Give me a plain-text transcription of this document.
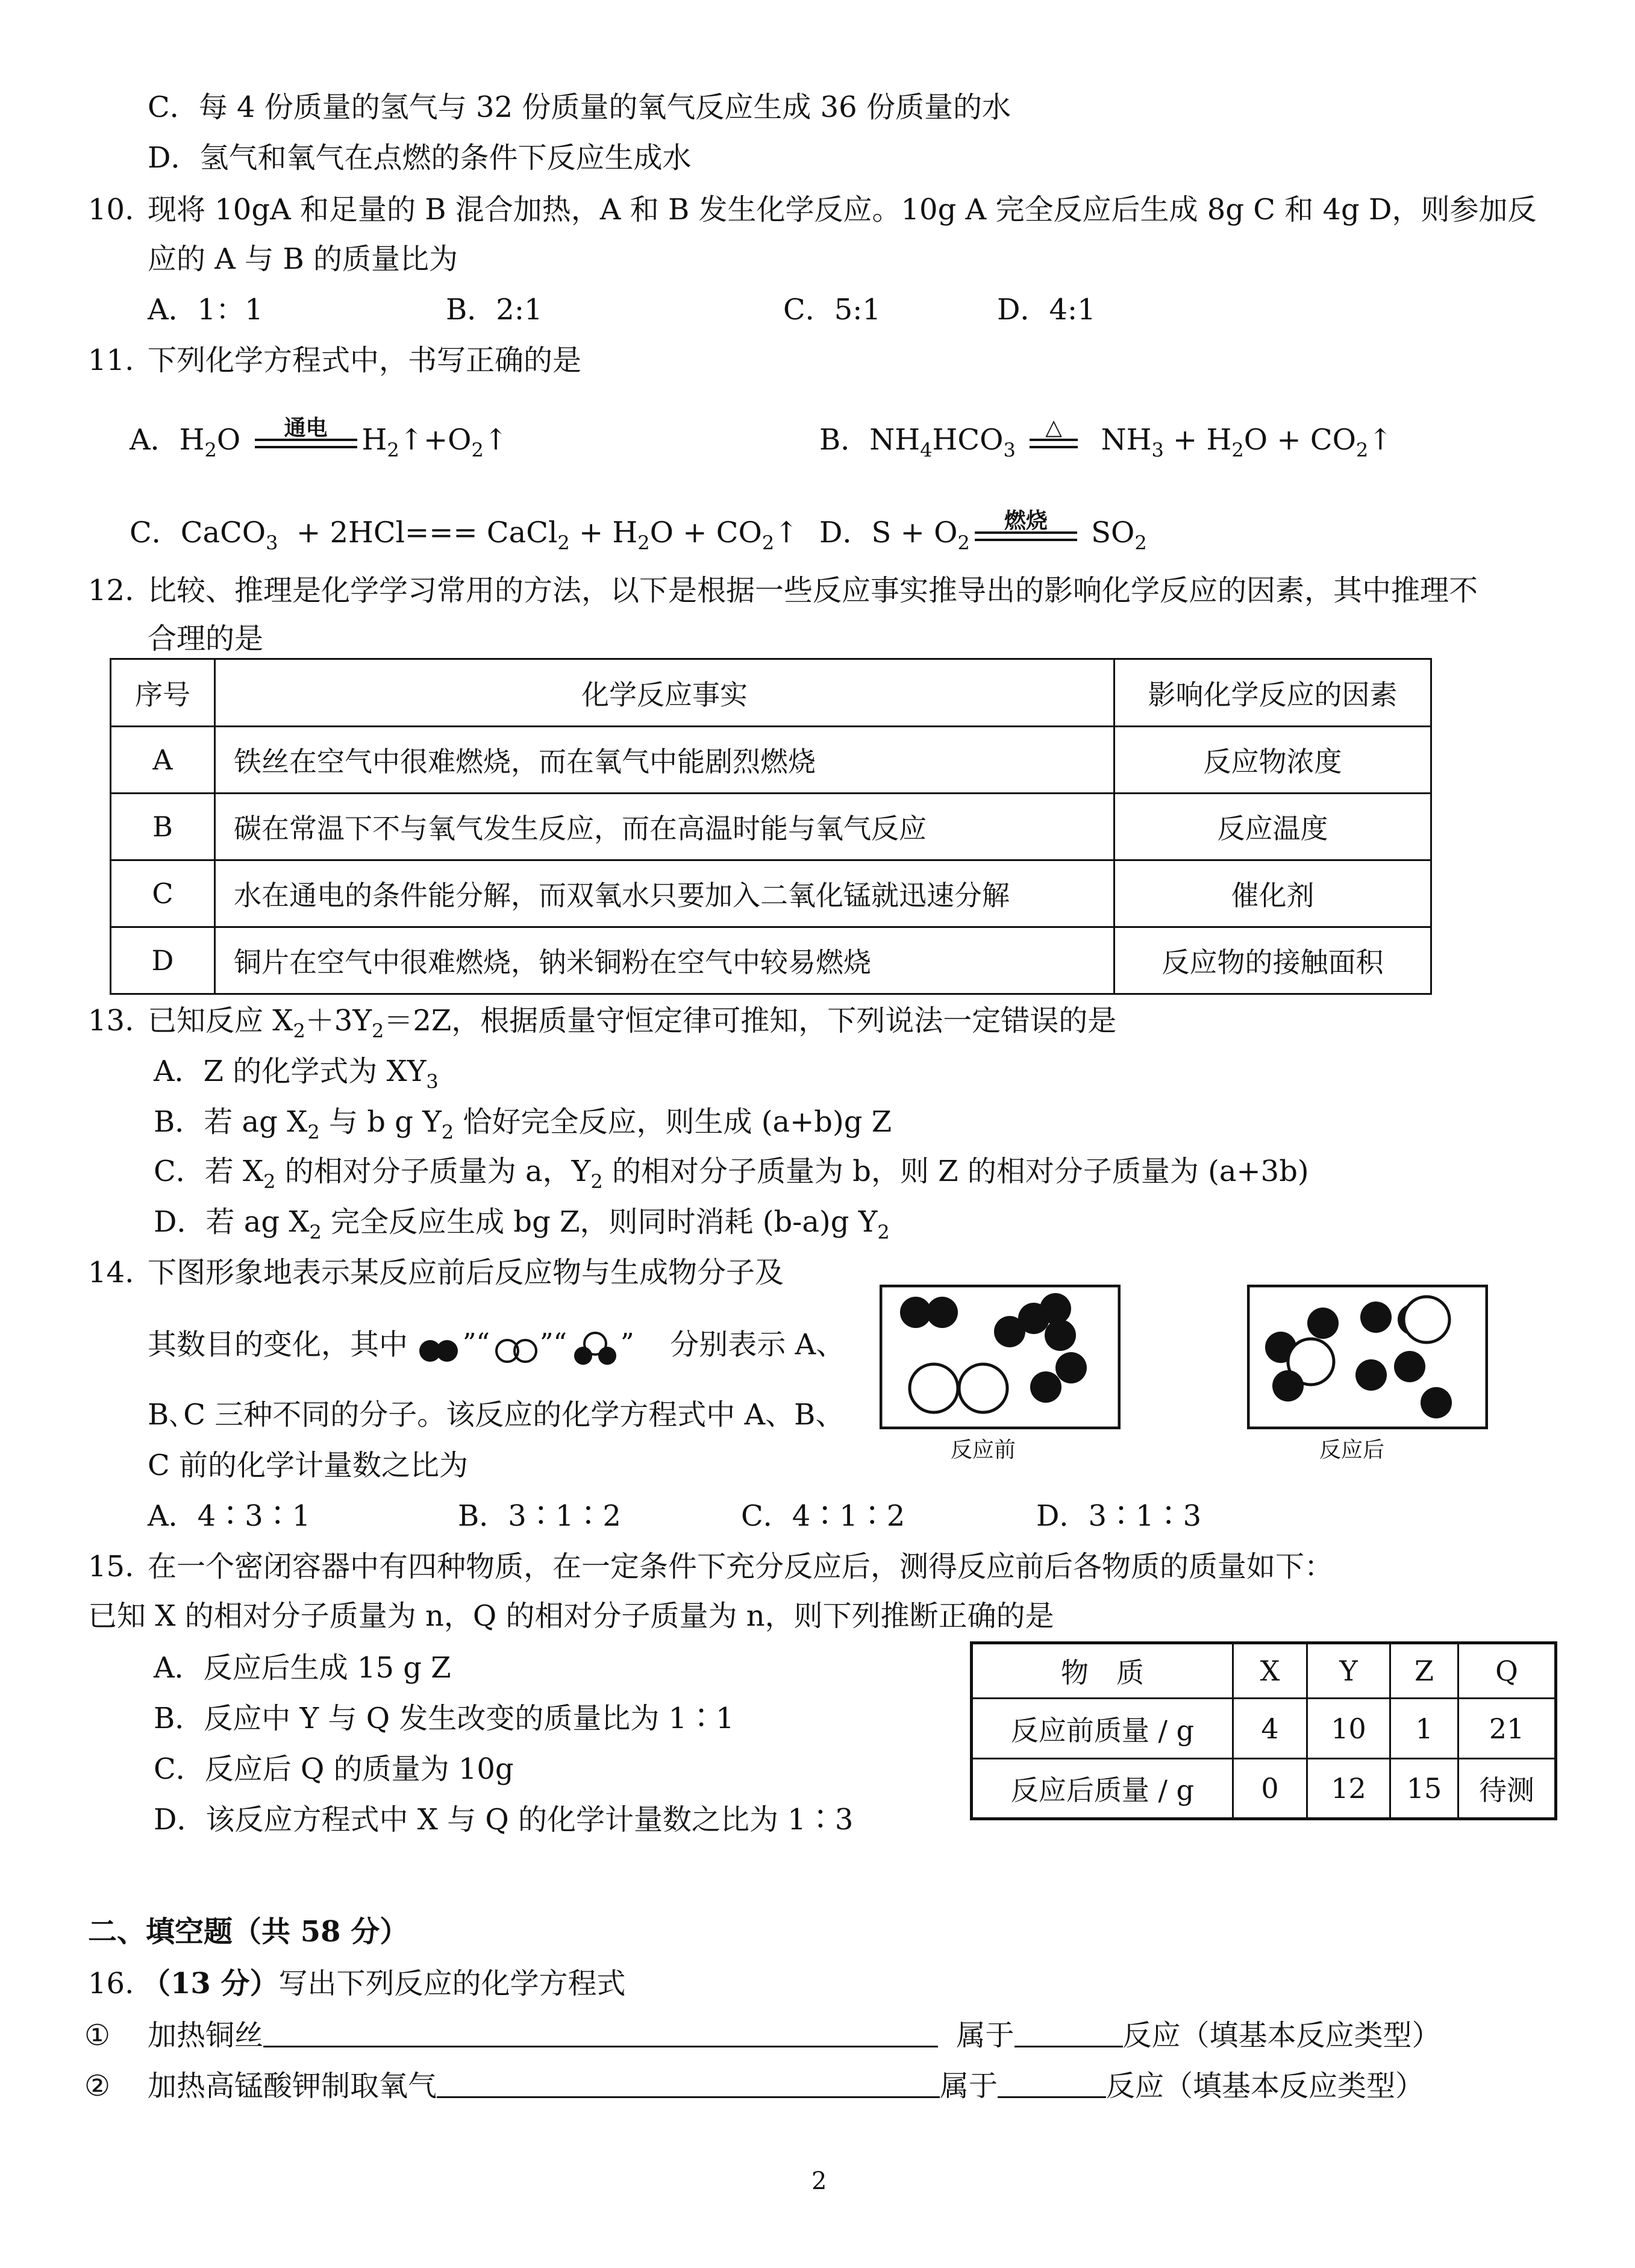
C．每 4 份质量的氢气与 32 份质量的氧气反应生成 36 份质量的水
D．氢气和氧气在点燃的条件下反应生成水
10. 现将 10gA 和足量的 B 混合加热，A 和 B 发生化学反应。10g A 完全反应后生成 8g C 和 4g D，则参加反
应的 A 与 B 的质量比为
A．1：1	B．2:1	C．5:1	D．4:1
11. 下列化学方程式中，书写正确的是
A．$H_2O$	通电	$H_2↑+O_2↑$	B．$NH_4HCO_3$
△ $NH_3 + H_2O$ + $CO_2↑$
C．CaCO$_3$  + 2HCl=== CaCl$_2$ + $H_2O$ + $CO_2↑$ D．$S + O_2$
燃烧	$SO_2$
12. 比较、推理是化学学习常用的方法，以下是根据一些反应事实推导出的影响化学反应的因素，其中推理不
合理的是
序号	化学反应事实	影响化学反应的因素
A	铁丝在空气中很难燃烧，而在氧气中能剧烈燃烧	反应物浓度
B	碳在常温下不与氧气发生反应，而在高温时能与氧气反应	反应温度
C	水在通电的条件能分解，而双氧水只要加入二氧化锰就迅速分解	催化剂
D	铜片在空气中很难燃烧，钠米铜粉在空气中较易燃烧	反应物的接触面积
13. 已知反应 $X_2+3Y_2=2Z$，根据质量守恒定律可推知，下列说法一定错误的是
A．Z 的化学式为 $XY_3$
B．若 ag $X_2$ 与 b g $Y_2$ 恰好完全反应，则生成 (a+b)g Z
C．若 $X_2$ 的相对分子质量为 a，$Y_2$ 的相对分子质量为 b，则 Z 的相对分子质量为 (a+3b)
D．若 ag $X_2$ 完全反应生成 bg Z，则同时消耗 (b-a)g $Y_2$
14. 下图形象地表示某反应前后反应物与生成物分子及
其数目的变化，其中 ”“ ”“ ” 分别表示 A、
B､C 三种不同的分子。该反应的化学方程式中 A、B、
C 前的化学计量数之比为	反应前	反应后
A．4∶3∶1	B．3∶1∶2	C．4∶1∶2	D．3∶1∶3
15. 在一个密闭容器中有四种物质，在一定条件下充分反应后，测得反应前后各物质的质量如下：
已知 X 的相对分子质量为 n，Q 的相对分子质量为 n，则下列推断正确的是
A．反应后生成 15 g Z
B．反应中 Y 与 Q 发生改变的质量比为 1∶1
C．反应后 Q 的质量为 10g
D．该反应方程式中 X 与 Q 的化学计量数之比为 1∶3
物　质	X	Y	Z	Q
反应前质量 / g	4	10	1	21
反应后质量 / g	0	12	15	待测
二、填空题（共 58 分）
16. （13 分）写出下列反应的化学方程式
① 加热铜丝	属于	反应（填基本反应类型）
② 加热高锰酸钾制取氧气	属于	反应（填基本反应类型）
2
